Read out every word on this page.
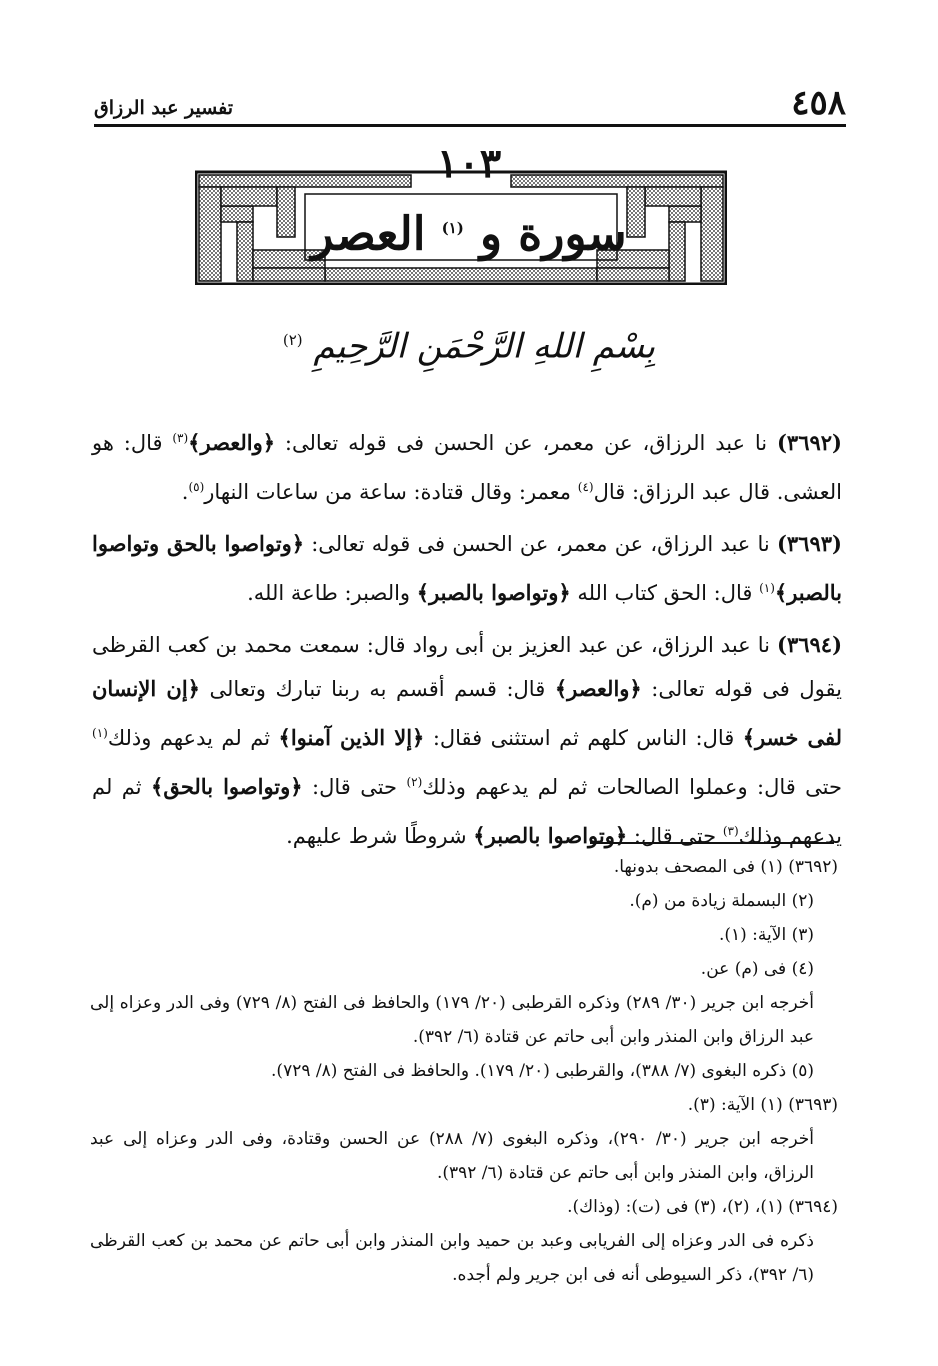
٤٥٨
تفسير عبد الرزاق
١٠٣
سورة و $^{(١)}$ العصر
بِسْمِ اللهِ الرَّحْمَنِ الرَّحِيمِ $^{(٢)}$

(٣٦٩٢) نا عبد الرزاق، عن معمر، عن الحسن فى قوله تعالى: ﴿والعصر﴾$^{(٣)}$ قال: هو العشى. قال عبد الرزاق: قال$^{(٤)}$ معمر: وقال قتادة: ساعة من ساعات النهار$^{(٥)}$.

(٣٦٩٣) نا عبد الرزاق، عن معمر، عن الحسن فى قوله تعالى: ﴿وتواصوا بالحق وتواصوا بالصبر﴾$^{(١)}$ قال: الحق كتاب الله ﴿وتواصوا بالصبر﴾ والصبر: طاعة الله.

(٣٦٩٤) نا عبد الرزاق، عن عبد العزيز بن أبى رواد قال: سمعت محمد بن كعب القرظى يقول فى قوله تعالى: ﴿والعصر﴾ قال: قسم أقسم به ربنا تبارك وتعالى ﴿إن الإنسان لفى خسر﴾ قال: الناس كلهم ثم استثنى فقال: ﴿إلا الذين آمنوا﴾ ثم لم يدعهم وذلك$^{(١)}$ حتى قال: وعملوا الصالحات ثم لم يدعهم وذلك$^{(٢)}$ حتى قال: ﴿وتواصوا بالحق﴾ ثم لم يدعهم وذلك$^{(٣)}$ حتى قال: ﴿وتواصوا بالصبر﴾ شروطًا شرط عليهم.

(٣٦٩٢) (١) فى المصحف بدونها.

(٢) البسملة زيادة من (م).

(٣) الآية: (١).

(٤) فى (م) عن.

أخرجه ابن جرير (٣٠/ ٢٨٩) وذكره القرطبى (٢٠/ ١٧٩) والحافظ فى الفتح (٨/ ٧٢٩) وفى الدر وعزاه إلى عبد الرزاق وابن المنذر وابن أبى حاتم عن قتادة (٦/ ٣٩٢).

(٥) ذكره البغوى (٧/ ٣٨٨)، والقرطبى (٢٠/ ١٧٩). والحافظ فى الفتح (٨/ ٧٢٩).

(٣٦٩٣) (١) الآية: (٣).

أخرجه ابن جرير (٣٠/ ٢٩٠)، وذكره البغوى (٧/ ٢٨٨) عن الحسن وقتادة، وفى الدر وعزاه إلى عبد الرزاق، وابن المنذر وابن أبى حاتم عن قتادة (٦/ ٣٩٢).

(٣٦٩٤) (١)، (٢)، (٣) فى (ت): (وذاك).

ذكره فى الدر وعزاه إلى الفريابى وعبد بن حميد وابن المنذر وابن أبى حاتم عن محمد بن كعب القرظى (٦/ ٣٩٢)، ذكر السيوطى أنه فى ابن جرير ولم أجده.
